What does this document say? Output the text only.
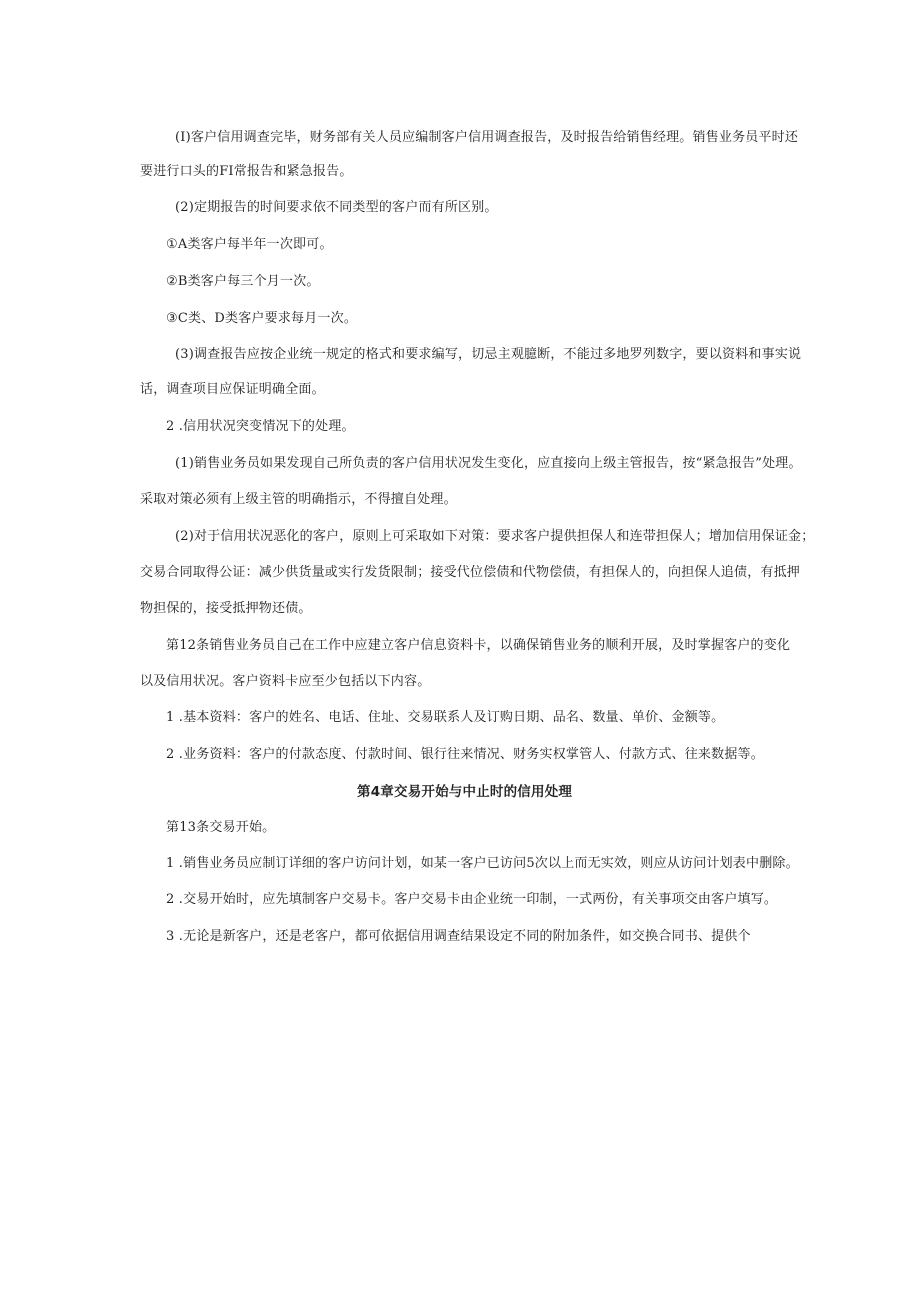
(I)客户信用调查完毕，财务部有关人员应编制客户信用调查报告，及时报告给销售经理。销售业务员平时还
要进行口头的FI常报告和紧急报告。
(2)定期报告的时间要求依不同类型的客户而有所区别。
①A类客户每半年一次即可。
②B类客户每三个月一次。
③C类、D类客户要求每月一次。
(3)调查报告应按企业统一规定的格式和要求编写，切忌主观臆断，不能过多地罗列数字，要以资料和事实说
话，调查项目应保证明确全面。
2 .信用状况突变情况下的处理。
(1)销售业务员如果发现自己所负责的客户信用状况发生变化，应直接向上级主管报告，按“紧急报告”处理。
采取对策必须有上级主管的明确指示，不得擅自处理。
(2)对于信用状况恶化的客户，原则上可采取如下对策：要求客户提供担保人和连带担保人；增加信用保证金；
交易合同取得公证：减少供货量或实行发货限制；接受代位偿债和代物偿债，有担保人的，向担保人追债，有抵押
物担保的，接受抵押物还债。
第12条销售业务员自己在工作中应建立客户信息资料卡，以确保销售业务的顺利开展，及时掌握客户的变化
以及信用状况。客户资料卡应至少包括以下内容。
1 .基本资料：客户的姓名、电话、住址、交易联系人及订购日期、品名、数量、单价、金额等。
2 .业务资料：客户的付款态度、付款时间、银行往来情况、财务实权掌管人、付款方式、往来数据等。
第4章交易开始与中止时的信用处理
第13条交易开始。
1 .销售业务员应制订详细的客户访问计划，如某一客户已访问5次以上而无实效，则应从访问计划表中删除。
2 .交易开始时，应先填制客户交易卡。客户交易卡由企业统一印制，一式两份，有关事项交由客户填写。
3 .无论是新客户，还是老客户，都可依据信用调查结果设定不同的附加条件，如交换合同书、提供个
